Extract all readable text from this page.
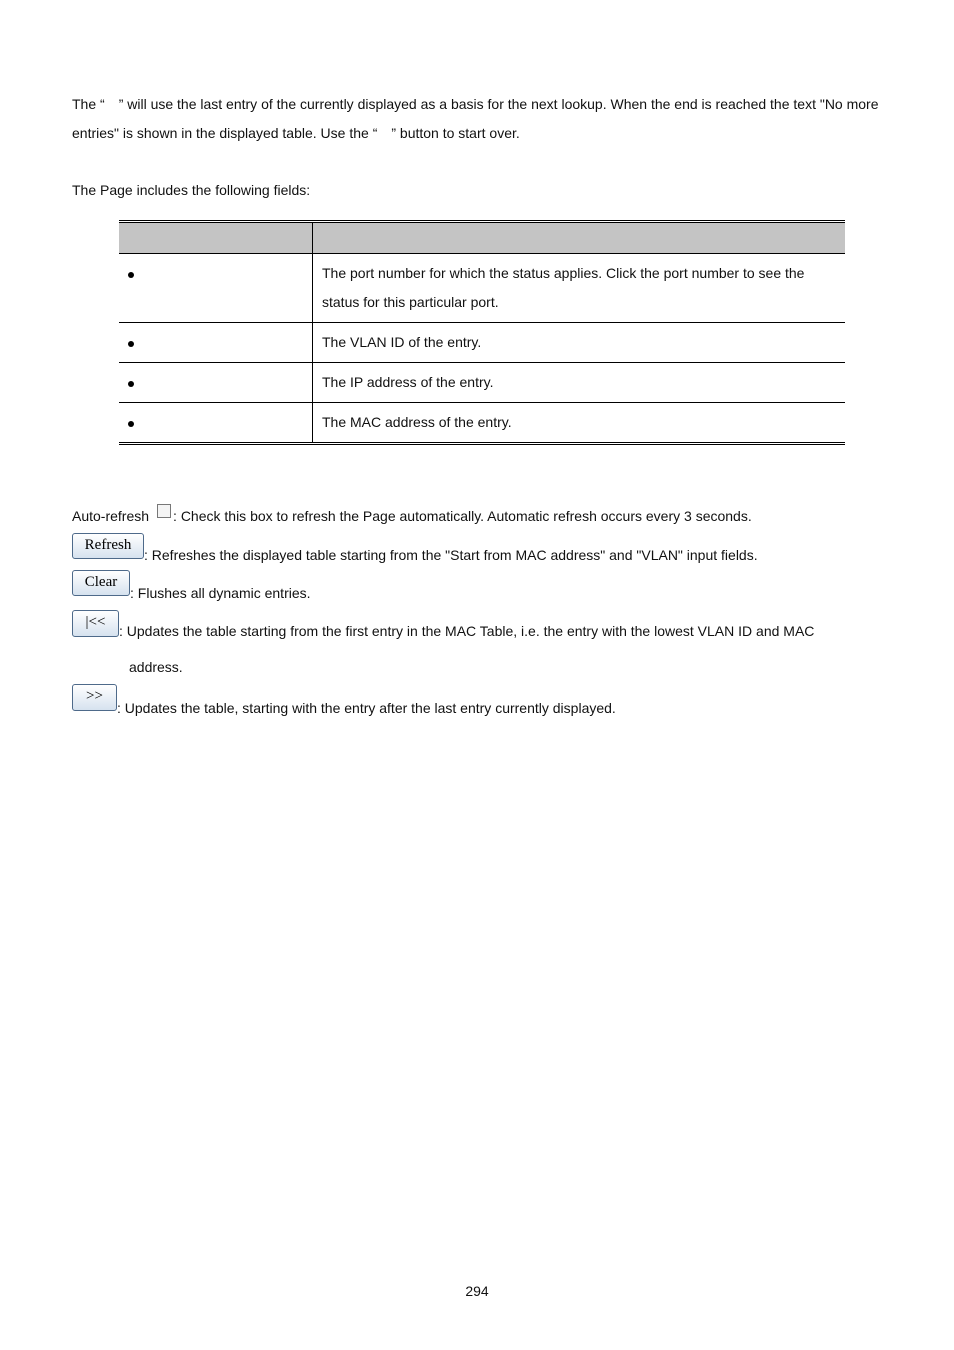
The “ ” will use the last entry of the currently displayed as a basis for the next lookup. When the end is reached the text "No more entries" is shown in the displayed table. Use the “ ” button to start over.

The Page includes the following fields:

	The port number for which the status applies. Click the port number to see the status for this particular port.
	The VLAN ID of the entry.
	The IP address of the entry.
	The MAC address of the entry.
Auto-refresh : Check this box to refresh the Page automatically. Automatic refresh occurs every 3 seconds.
Refresh: Refreshes the displayed table starting from the "Start from MAC address" and "VLAN" input fields.
Clear: Flushes all dynamic entries.
|<<: Updates the table starting from the first entry in the MAC Table, i.e. the entry with the lowest VLAN ID and MAC
address.
>>: Updates the table, starting with the entry after the last entry currently displayed.
294
